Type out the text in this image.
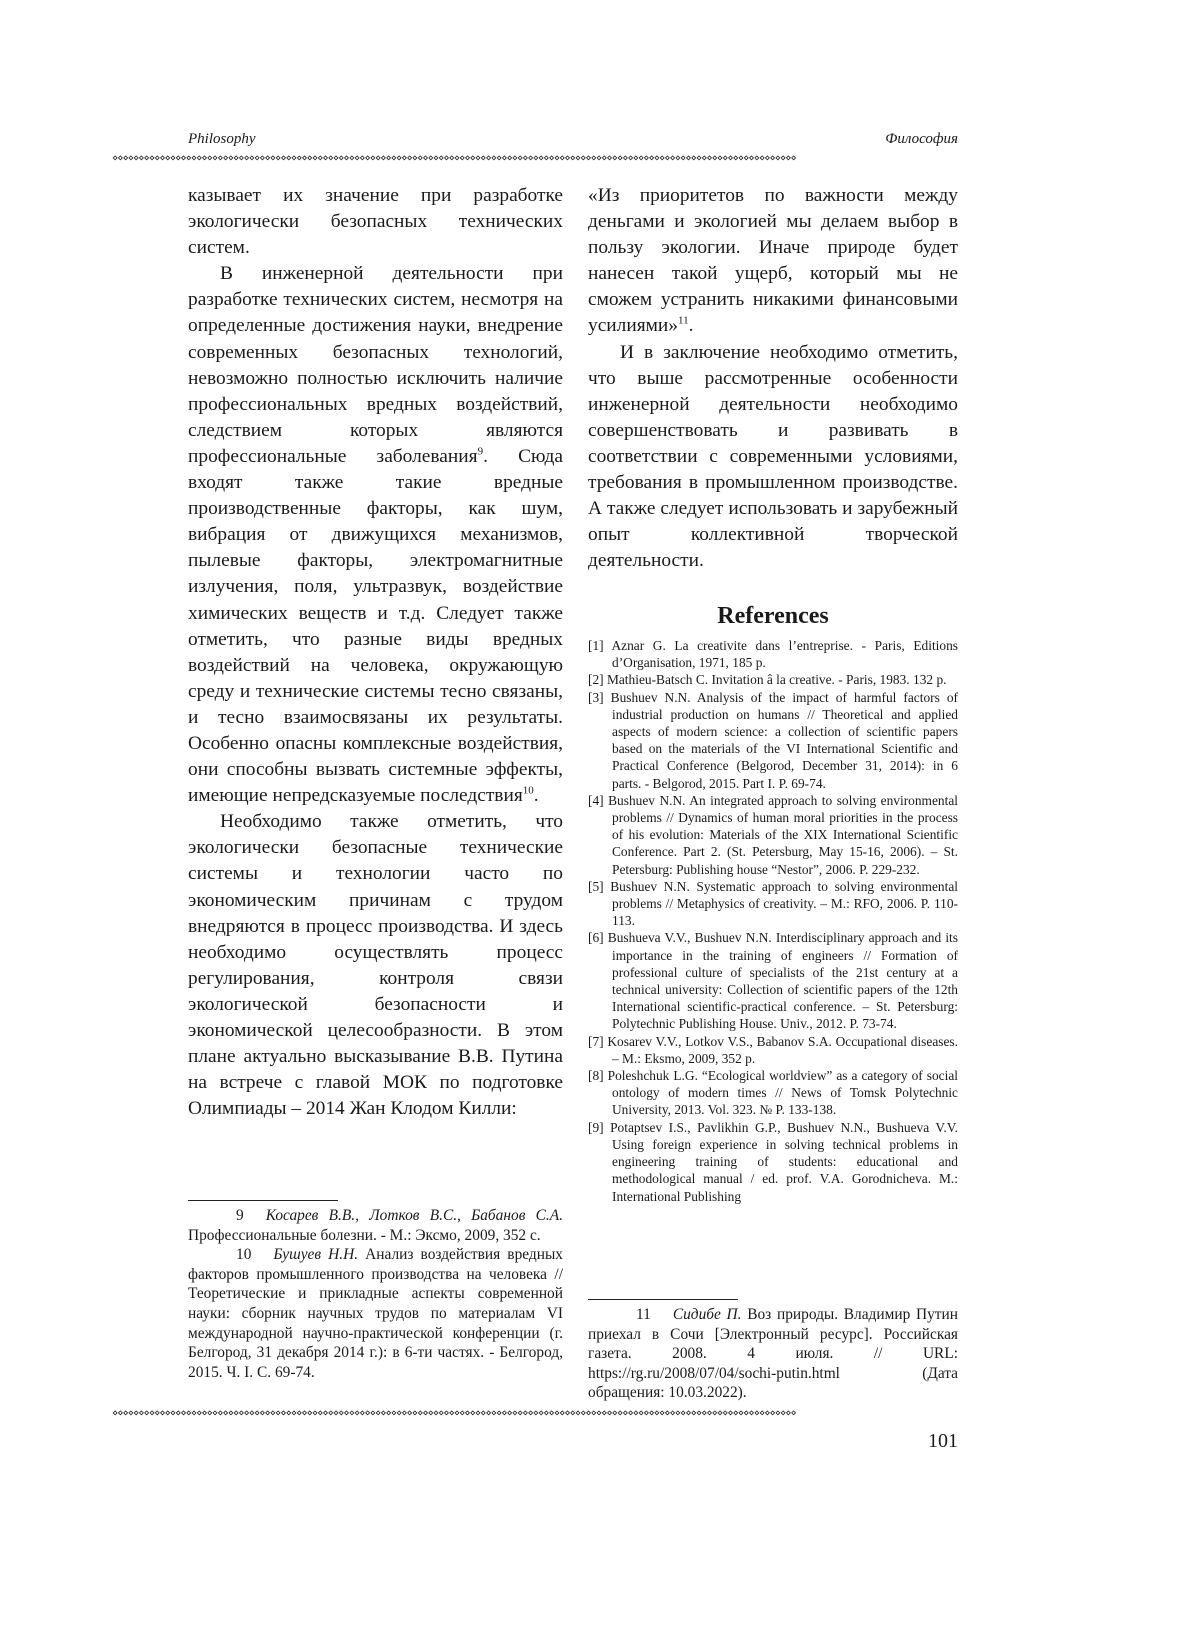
Philosophy	Философия
⋄⋄⋄⋄⋄⋄⋄⋄⋄⋄⋄⋄⋄⋄⋄⋄⋄⋄⋄⋄⋄⋄⋄⋄⋄⋄⋄⋄⋄⋄⋄⋄⋄⋄⋄⋄⋄⋄⋄⋄⋄⋄⋄⋄⋄⋄⋄⋄⋄⋄⋄⋄⋄⋄⋄⋄⋄⋄⋄⋄⋄⋄⋄⋄⋄⋄⋄⋄⋄⋄⋄⋄⋄⋄⋄⋄⋄⋄⋄⋄⋄⋄⋄⋄⋄⋄⋄⋄⋄⋄⋄⋄⋄⋄⋄⋄⋄⋄⋄⋄⋄⋄⋄⋄⋄⋄⋄⋄⋄⋄⋄⋄⋄⋄⋄⋄⋄⋄⋄⋄⋄⋄⋄⋄⋄⋄⋄⋄⋄⋄

казывает их значение при разработке экологически безопасных технических систем.

В инженерной деятельности при разработке технических систем, несмотря на определенные достижения науки, внедрение современных безопасных технологий, невозможно полностью исключить наличие профессиональных вредных воздействий, следствием которых являются профессиональные заболевания$^9$. Сюда входят также такие вредные производственные факторы, как шум, вибрация от движущихся механизмов, пылевые факторы, электромагнитные излучения, поля, ультразвук, воздействие химических веществ и т.д. Следует также отметить, что разные виды вредных воздействий на человека, окружающую среду и технические системы тесно связаны, и тесно взаимосвязаны их результаты. Особенно опасны комплексные воздействия, они способны вызвать системные эффекты, имеющие непредсказуемые последствия$^{10}$.

Необходимо также отметить, что экологически безопасные технические системы и технологии часто по экономическим причинам с трудом внедряются в процесс производства. И здесь необходимо осуществлять процесс регулирования, контроля связи экологической безопасности и экономической целесообразности. В этом плане актуально высказывание В.В. Путина на встрече с главой МОК по подготовке Олимпиады – 2014 Жан Клодом Килли:

«Из приоритетов по важности между деньгами и экологией мы делаем выбор в пользу экологии. Иначе природе будет нанесен такой ущерб, который мы не сможем устранить никакими финансовыми усилиями»$^{11}$.

И в заключение необходимо отметить, что выше рассмотренные особенности инженерной деятельности необходимо совершенствовать и развивать в соответствии с современными условиями, требования в промышленном производстве. А также следует использовать и зарубежный опыт коллективной творческой деятельности.

References
[1] Aznar G. La creativite dans l’entreprise. - Paris, Editions d’Organisation, 1971, 185 p.
[2] Mathieu-Batsch C. Invitation â la creative. - Paris, 1983. 132 p.
[3] Bushuev N.N. Analysis of the impact of harmful factors of industrial production on humans // Theoretical and applied aspects of modern science: a collection of scientific papers based on the materials of the VI International Scientific and Practical Conference (Belgorod, December 31, 2014): in 6 parts. - Belgorod, 2015. Part I. P. 69-74.
[4] Bushuev N.N. An integrated approach to solving environmental problems // Dynamics of human moral priorities in the process of his evolution: Materials of the XIX International Scientific Conference. Part 2. (St. Petersburg, May 15-16, 2006). – St. Petersburg: Publishing house “Nestor”, 2006. P. 229-232.
[5] Bushuev N.N. Systematic approach to solving environmental problems // Metaphysics of creativity. – M.: RFO, 2006. P. 110-113.
[6] Bushueva V.V., Bushuev N.N. Interdisciplinary approach and its importance in the training of engineers // Formation of professional culture of specialists of the 21st century at a technical university: Collection of scientific papers of the 12th International scientific-practical conference. – St. Petersburg: Polytechnic Publishing House. Univ., 2012. P. 73-74.
[7] Kosarev V.V., Lotkov V.S., Babanov S.A. Occupational diseases. – M.: Eksmo, 2009, 352 p.
[8] Poleshchuk L.G. “Ecological worldview” as a category of social ontology of modern times // News of Tomsk Polytechnic University, 2013. Vol. 323. № P. 133-138.
[9] Potaptsev I.S., Pavlikhin G.P., Bushuev N.N., Bushueva V.V. Using foreign experience in solving technical problems in engineering training of students: educational and methodological manual / ed. prof. V.A. Gorodnicheva. M.: International Publishing

9 Косарев В.В., Лотков В.С., Бабанов С.А. Профессиональные болезни. - М.: Эксмо, 2009, 352 с.

10 Бушуев Н.Н. Анализ воздействия вредных факторов промышленного производства на человека // Теоретические и прикладные аспекты современной науки: сборник научных трудов по материалам VI международной научно-практической конференции (г. Белгород, 31 декабря 2014 г.): в 6-ти частях. - Белгород, 2015. Ч. I. С. 69-74.

11 Сидибе П. Воз природы. Владимир Путин приехал в Сочи [Электронный ресурс]. Российская газета. 2008. 4 июля. // URL: https://rg.ru/2008/07/04/sochi-putin.html (Дата обращения: 10.03.2022).

⋄⋄⋄⋄⋄⋄⋄⋄⋄⋄⋄⋄⋄⋄⋄⋄⋄⋄⋄⋄⋄⋄⋄⋄⋄⋄⋄⋄⋄⋄⋄⋄⋄⋄⋄⋄⋄⋄⋄⋄⋄⋄⋄⋄⋄⋄⋄⋄⋄⋄⋄⋄⋄⋄⋄⋄⋄⋄⋄⋄⋄⋄⋄⋄⋄⋄⋄⋄⋄⋄⋄⋄⋄⋄⋄⋄⋄⋄⋄⋄⋄⋄⋄⋄⋄⋄⋄⋄⋄⋄⋄⋄⋄⋄⋄⋄⋄⋄⋄⋄⋄⋄⋄⋄⋄⋄⋄⋄⋄⋄⋄⋄⋄⋄⋄⋄⋄⋄⋄⋄⋄⋄⋄⋄⋄⋄⋄⋄⋄⋄
101
